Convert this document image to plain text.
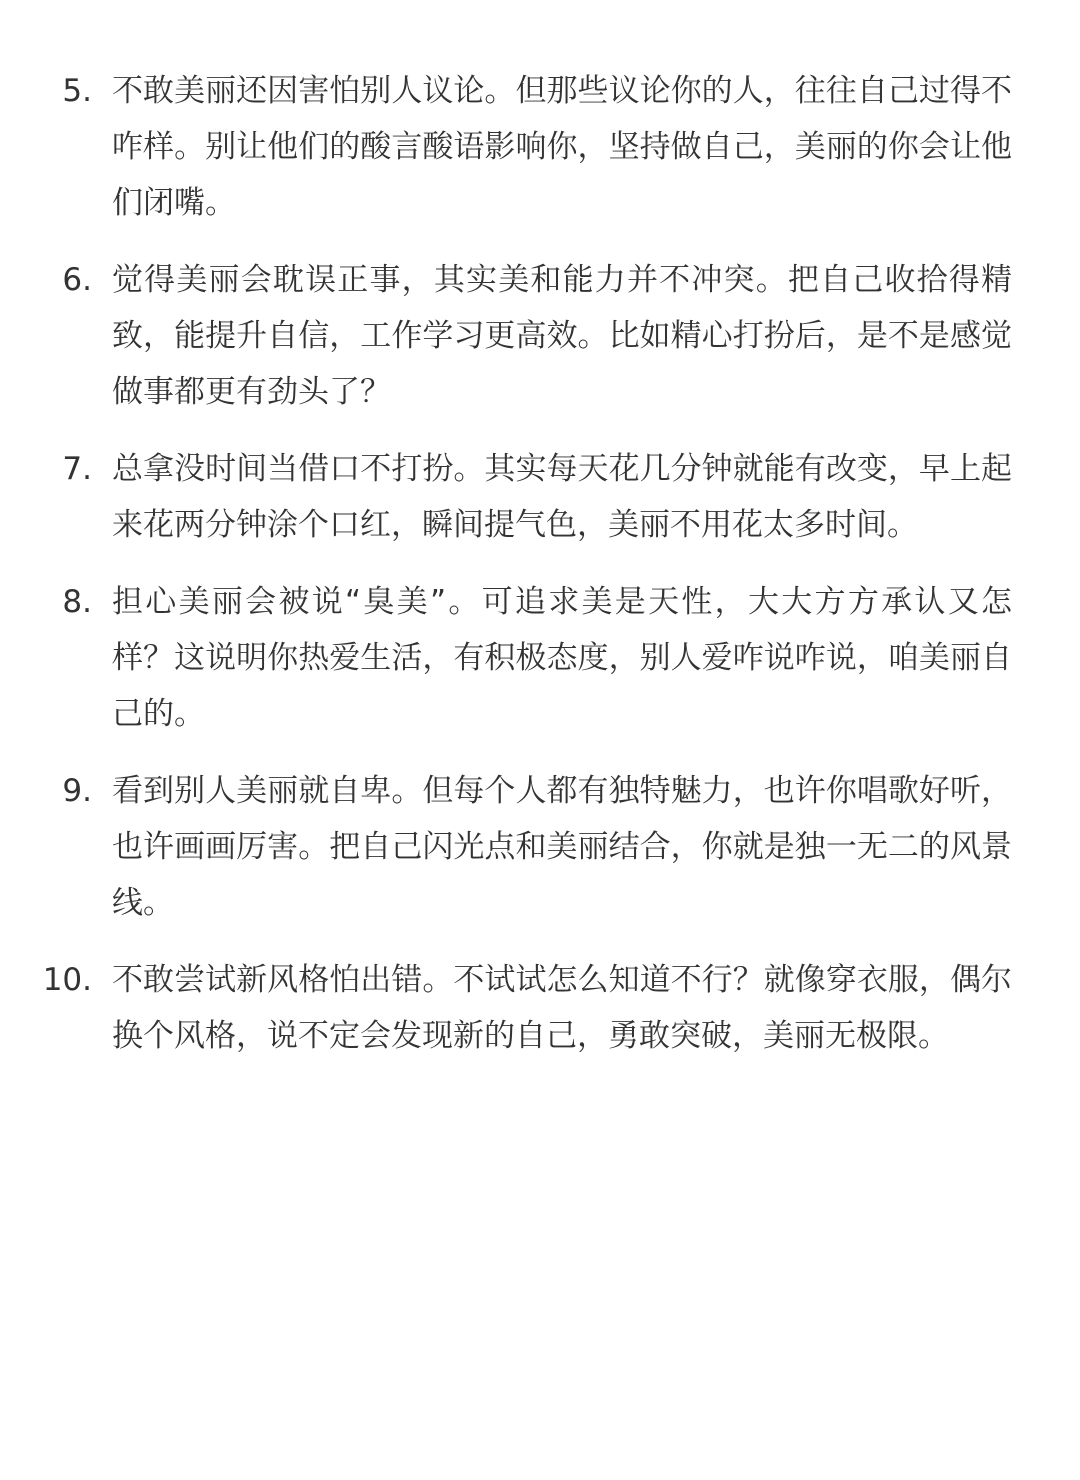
5. 不敢美丽还因害怕别人议论。但那些议论你的人，往往自己过得不咋样。别让他们的酸言酸语影响你，坚持做自己，美丽的你会让他们闭嘴。

6. 觉得美丽会耽误正事，其实美和能力并不冲突。把自己收拾得精致，能提升自信，工作学习更高效。比如精心打扮后，是不是感觉做事都更有劲头了？

7. 总拿没时间当借口不打扮。其实每天花几分钟就能有改变，早上起来花两分钟涂个口红，瞬间提气色，美丽不用花太多时间。

8. 担心美丽会被说“臭美”。可追求美是天性，大大方方承认又怎样？这说明你热爱生活，有积极态度，别人爱咋说咋说，咱美丽自己的。

9. 看到别人美丽就自卑。但每个人都有独特魅力，也许你唱歌好听，也许画画厉害。把自己闪光点和美丽结合，你就是独一无二的风景线。

10. 不敢尝试新风格怕出错。不试试怎么知道不行？就像穿衣服，偶尔换个风格，说不定会发现新的自己，勇敢突破，美丽无极限。
